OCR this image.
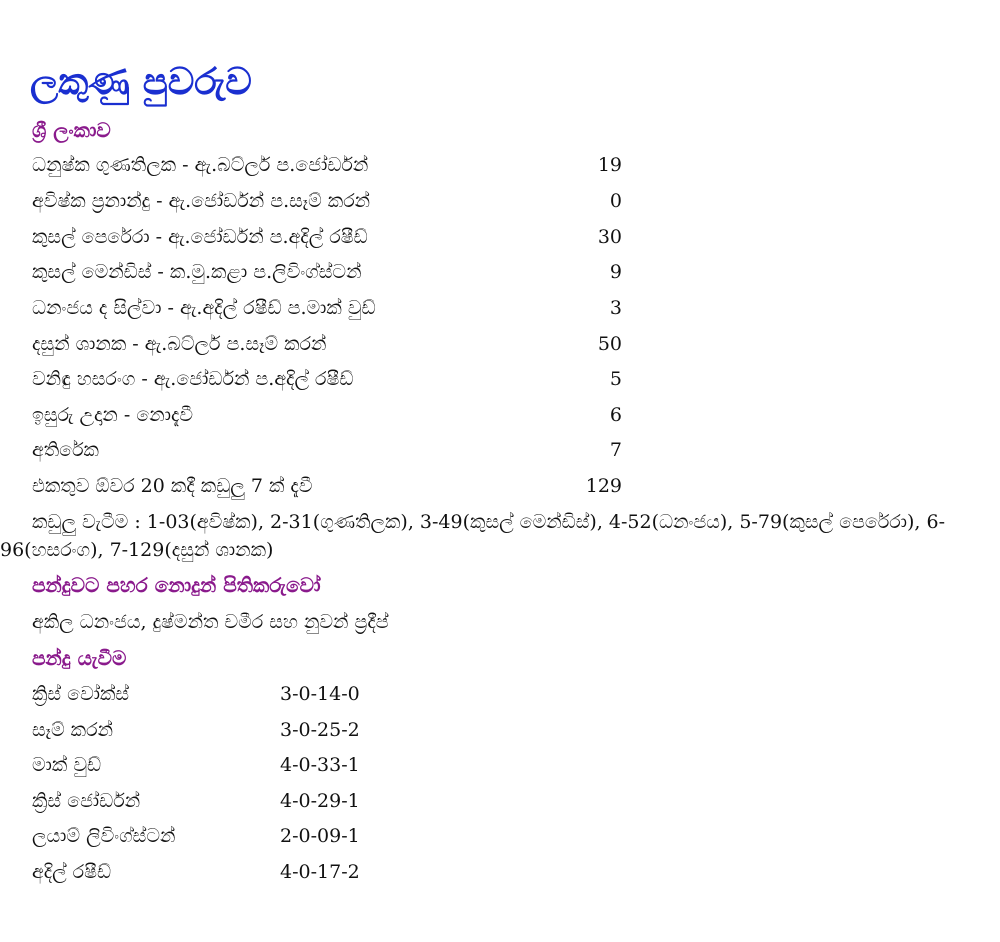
ලකුණු පුවරුව
ශ්‍රී ලංකාව
ධනුෂ්ක ගුණතිලක - ඇ.බට්ලර් ප.ජෝර්ඩන්	19
අවිෂ්ක ප්‍රනාන්දු - ඇ.ජෝර්ඩන් ප.සෑම් කරන්	0
කුසල් පෙරේරා - ඇ.ජෝර්ඩන් ප.අදිල් රෂීඩ්	30
කුසල් මෙන්ඩිස් - ක.මු.කළා ප.ලිවිංග්ස්ටන්	9
ධනංජය ද සිල්වා - ඇ.අදිල් රෂීඩ් ප.මාක් වුඩ්	3
දසුන් ශානක - ඇ.බට්ලර් ප.සෑම් කරන්	50
වනිඳු හසරංග - ඇ.ජෝර්ඩන් ප.අදිල් රෂීඩ්	5
ඉසුරු උදාන - නොදැවී	6
අතිරේක	7
එකතුව ඕවර 20 කදී කඩුලු 7 ක් දැවී	129
කඩුලු වැටීම : 1-03(අවිෂ්ක), 2-31(ගුණතිලක), 3-49(කුසල් මෙන්ඩිස්), 4-52(ධනංජය), 5-79(කුසල් පෙරේරා), 6-96(හසරංග), 7-129(දසුන් ශානක)
පන්දුවට පහර නොදුන් පිතිකරුවෝ
අකිල ධනංජය, දුෂ්මන්ත චමීර සහ නුවන් ප්‍රදීප්
පන්දු යැවීම
ක්‍රිස් වෝක්ස්	3-0-14-0
සෑම් කරන්	3-0-25-2
මාක් වුඩ්	4-0-33-1
ක්‍රිස් ජෝර්ඩන්	4-0-29-1
ලයාම් ලිවිංග්ස්ටන්	2-0-09-1
අදිල් රෂීඩ්	4-0-17-2
